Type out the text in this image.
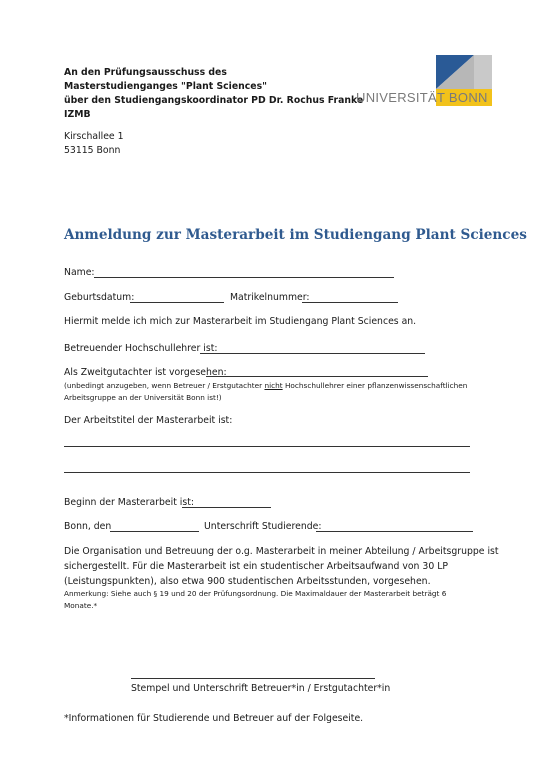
An den Prüfungsausschuss des
Masterstudienganges "Plant Sciences"
über den Studiengangskoordinator PD Dr. Rochus Franke
IZMB
Kirschallee 1
53115 Bonn
UNIVERSITÄT BONN
Anmeldung zur Masterarbeit im Studiengang Plant Sciences
Name:
Geburtsdatum:	Matrikelnummer:
Hiermit melde ich mich zur Masterarbeit im Studiengang Plant Sciences an.
Betreuender Hochschullehrer ist:
Als Zweitgutachter ist vorgesehen:
(unbedingt anzugeben, wenn Betreuer / Erstgutachter nicht Hochschullehrer einer pflanzenwissenschaftlichen
Arbeitsgruppe an der Universität Bonn ist!)
Der Arbeitstitel der Masterarbeit ist:
Beginn der Masterarbeit ist:
Bonn, den	Unterschrift Studierende:
Die Organisation und Betreuung der o.g. Masterarbeit in meiner Abteilung / Arbeitsgruppe ist
sichergestellt. Für die Masterarbeit ist ein studentischer Arbeitsaufwand von 30 LP
(Leistungspunkten), also etwa 900 studentischen Arbeitsstunden, vorgesehen.
Anmerkung: Siehe auch § 19 und 20 der Prüfungsordnung. Die Maximaldauer der Masterarbeit beträgt 6
Monate.*
Stempel und Unterschrift Betreuer*in / Erstgutachter*in
*Informationen für Studierende und Betreuer auf der Folgeseite.
